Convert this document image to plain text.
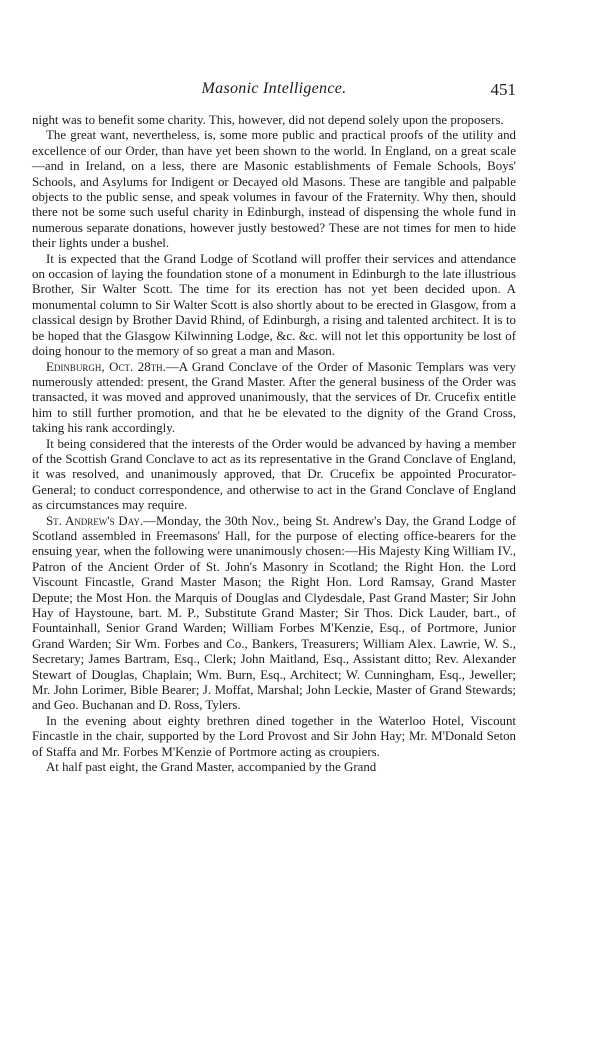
Masonic Intelligence.	451

night was to benefit some charity. This, however, did not depend solely upon the proposers.

The great want, nevertheless, is, some more public and practical proofs of the utility and excellence of our Order, than have yet been shown to the world. In England, on a great scale—and in Ireland, on a less, there are Masonic establishments of Female Schools, Boys' Schools, and Asylums for Indigent or Decayed old Masons. These are tangible and palpable objects to the public sense, and speak volumes in favour of the Fraternity. Why then, should there not be some such useful charity in Edinburgh, instead of dispensing the whole fund in numerous separate donations, however justly bestowed? These are not times for men to hide their lights under a bushel.

It is expected that the Grand Lodge of Scotland will proffer their services and attendance on occasion of laying the foundation stone of a monument in Edinburgh to the late illustrious Brother, Sir Walter Scott. The time for its erection has not yet been decided upon. A monumental column to Sir Walter Scott is also shortly about to be erected in Glasgow, from a classical design by Brother David Rhind, of Edinburgh, a rising and talented architect. It is to be hoped that the Glasgow Kilwinning Lodge, &c. &c. will not let this opportunity be lost of doing honour to the memory of so great a man and Mason.

Edinburgh, Oct. 28th.—A Grand Conclave of the Order of Masonic Templars was very numerously attended: present, the Grand Master. After the general business of the Order was transacted, it was moved and approved unanimously, that the services of Dr. Crucefix entitle him to still further promotion, and that he be elevated to the dignity of the Grand Cross, taking his rank accordingly.

It being considered that the interests of the Order would be advanced by having a member of the Scottish Grand Conclave to act as its representative in the Grand Conclave of England, it was resolved, and unanimously approved, that Dr. Crucefix be appointed Procurator-General; to conduct correspondence, and otherwise to act in the Grand Conclave of England as circumstances may require.

St. Andrew's Day.—Monday, the 30th Nov., being St. Andrew's Day, the Grand Lodge of Scotland assembled in Freemasons' Hall, for the purpose of electing office-bearers for the ensuing year, when the following were unanimously chosen:—His Majesty King William IV., Patron of the Ancient Order of St. John's Masonry in Scotland; the Right Hon. the Lord Viscount Fincastle, Grand Master Mason; the Right Hon. Lord Ramsay, Grand Master Depute; the Most Hon. the Marquis of Douglas and Clydesdale, Past Grand Master; Sir John Hay of Haystoune, bart. M. P., Substitute Grand Master; Sir Thos. Dick Lauder, bart., of Fountainhall, Senior Grand Warden; William Forbes M'Kenzie, Esq., of Portmore, Junior Grand Warden; Sir Wm. Forbes and Co., Bankers, Treasurers; William Alex. Lawrie, W. S., Secretary; James Bartram, Esq., Clerk; John Maitland, Esq., Assistant ditto; Rev. Alexander Stewart of Douglas, Chaplain; Wm. Burn, Esq., Architect; W. Cunningham, Esq., Jeweller; Mr. John Lorimer, Bible Bearer; J. Moffat, Marshal; John Leckie, Master of Grand Stewards; and Geo. Buchanan and D. Ross, Tylers.

In the evening about eighty brethren dined together in the Waterloo Hotel, Viscount Fincastle in the chair, supported by the Lord Provost and Sir John Hay; Mr. M'Donald Seton of Staffa and Mr. Forbes M'Kenzie of Portmore acting as croupiers.

At half past eight, the Grand Master, accompanied by the Grand
